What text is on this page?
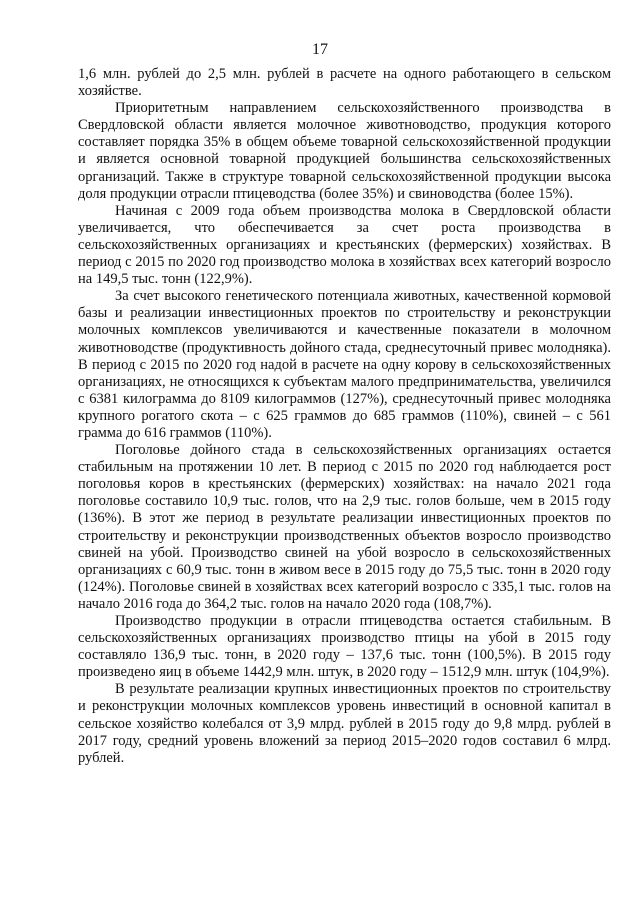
17

1,6 млн. рублей до 2,5 млн. рублей в расчете на одного работающего в сельском хозяйстве.

Приоритетным направлением сельскохозяйственного производства в Свердловской области является молочное животноводство, продукция которого составляет порядка 35% в общем объеме товарной сельскохозяйственной продукции и является основной товарной продукцией большинства сельскохозяйственных организаций. Также в структуре товарной сельскохозяйственной продукции высока доля продукции отрасли птицеводства (более 35%) и свиноводства (более 15%).

Начиная с 2009 года объем производства молока в Свердловской области увеличивается, что обеспечивается за счет роста производства в сельскохозяйственных организациях и крестьянских (фермерских) хозяйствах. В период с 2015 по 2020 год производство молока в хозяйствах всех категорий возросло на 149,5 тыс. тонн (122,9%).

За счет высокого генетического потенциала животных, качественной кормовой базы и реализации инвестиционных проектов по строительству и реконструкции молочных комплексов увеличиваются и качественные показатели в молочном животноводстве (продуктивность дойного стада, среднесуточный привес молодняка). В период с 2015 по 2020 год надой в расчете на одну корову в сельскохозяйственных организациях, не относящихся к субъектам малого предпринимательства, увеличился с 6381 килограмма до 8109 килограммов (127%), среднесуточный привес молодняка крупного рогатого скота – с 625 граммов до 685 граммов (110%), свиней – с 561 грамма до 616 граммов (110%).

Поголовье дойного стада в сельскохозяйственных организациях остается стабильным на протяжении 10 лет. В период с 2015 по 2020 год наблюдается рост поголовья коров в крестьянских (фермерских) хозяйствах: на начало 2021 года поголовье составило 10,9 тыс. голов, что на 2,9 тыс. голов больше, чем в 2015 году (136%). В этот же период в результате реализации инвестиционных проектов по строительству и реконструкции производственных объектов возросло производство свиней на убой. Производство свиней на убой возросло в сельскохозяйственных организациях с 60,9 тыс. тонн в живом весе в 2015 году до 75,5 тыс. тонн в 2020 году (124%). Поголовье свиней в хозяйствах всех категорий возросло с 335,1 тыс. голов на начало 2016 года до 364,2 тыс. голов на начало 2020 года (108,7%).

Производство продукции в отрасли птицеводства остается стабильным. В сельскохозяйственных организациях производство птицы на убой в 2015 году составляло 136,9 тыс. тонн, в 2020 году – 137,6 тыс. тонн (100,5%). В 2015 году произведено яиц в объеме 1442,9 млн. штук, в 2020 году – 1512,9 млн. штук (104,9%).

В результате реализации крупных инвестиционных проектов по строительству и реконструкции молочных комплексов уровень инвестиций в основной капитал в сельское хозяйство колебался от 3,9 млрд. рублей в 2015 году до 9,8 млрд. рублей в 2017 году, средний уровень вложений за период 2015–2020 годов составил 6 млрд. рублей.
